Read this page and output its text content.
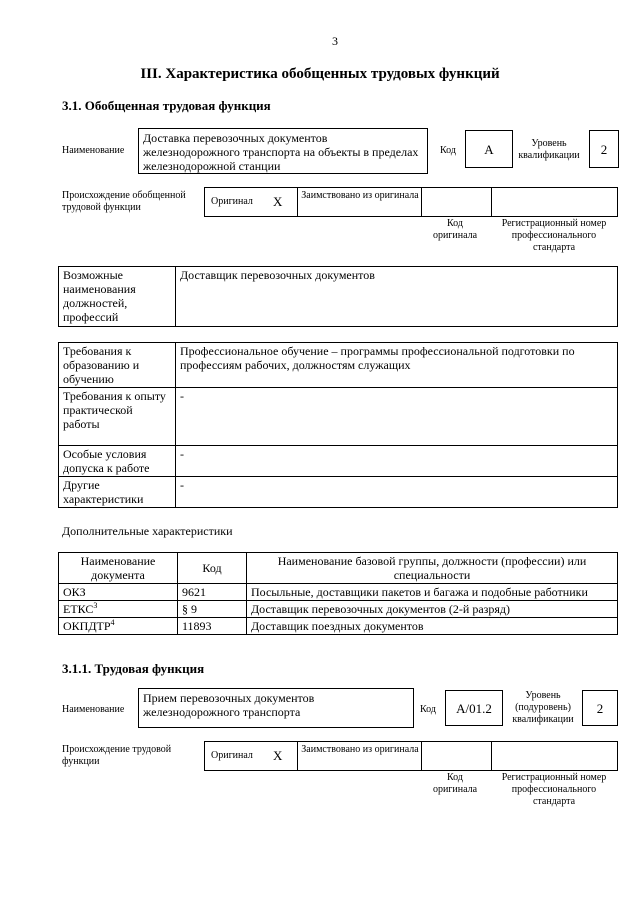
3
III. Характеристика обобщенных трудовых функций
3.1. Обобщенная трудовая функция
Наименование
Доставка перевозочных документов железнодорожного транспорта на объекты в пределах железнодорожной станции
Код	А	Уровень квалификации	2
Происхождение обобщенной трудовой функции
Оригинал X Заимствовано из оригинала
Код оригинала
Регистрационный номер профессионального стандарта
Возможные наименования должностей, профессий	Доставщик перевозочных документов
Требования к образованию и обучению	Профессиональное обучение – программы профессиональной подготовки по профессиям рабочих, должностям служащих
Требования к опыту практической работы	-
Особые условия допуска к работе	-
Другие характеристики	-
Дополнительные характеристики
Наименование документа	Код	Наименование базовой группы, должности (профессии) или специальности
ОКЗ	9621	Посыльные, доставщики пакетов и багажа и подобные работники
ЕТКС$^3$	§ 9	Доставщик перевозочных документов (2-й разряд)
ОКПДТР$^4$	11893	Доставщик поездных документов
3.1.1. Трудовая функция
Наименование
Прием перевозочных документов железнодорожного транспорта	Код	А/01.2
Уровень (подуровень) квалификации
2
Происхождение трудовой функции
Оригинал X Заимствовано из оригинала
Код оригинала
Регистрационный номер профессионального стандарта
